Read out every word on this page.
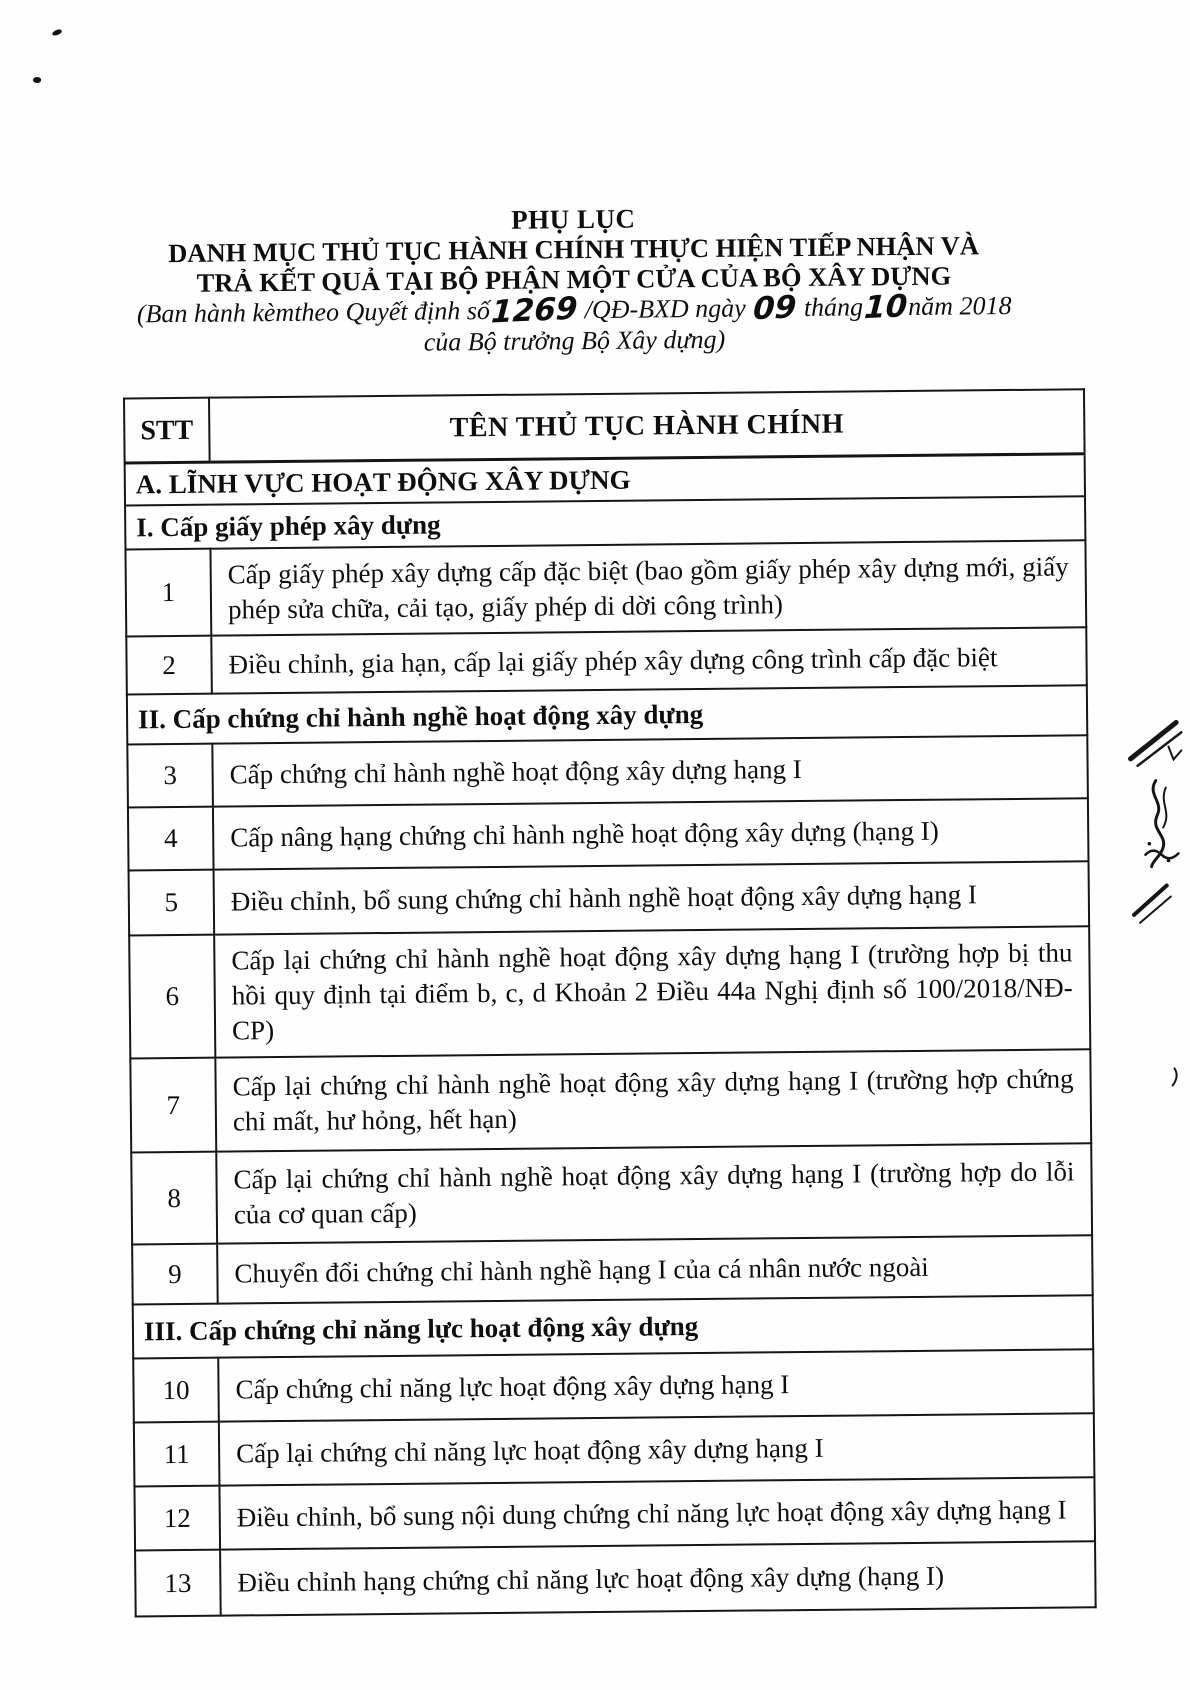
PHỤ LỤC
DANH MỤC THỦ TỤC HÀNH CHÍNH THỰC HIỆN TIẾP NHẬN VÀ
TRẢ KẾT QUẢ TẠI BỘ PHẬN MỘT CỬA CỦA BỘ XÂY DỰNG
(Ban hành kèmtheo Quyết định số1269 /QĐ-BXD ngày 09 tháng10năm 2018
của Bộ trưởng Bộ Xây dựng)
STT	TÊN THỦ TỤC HÀNH CHÍNH
A. LĨNH VỰC HOẠT ĐỘNG XÂY DỰNG	
I. Cấp giấy phép xây dựng	
1	Cấp giấy phép xây dựng cấp đặc biệt (bao gồm giấy phép xây dựng mới, giấy phép sửa chữa, cải tạo, giấy phép di dời công trình)
2	Điều chỉnh, gia hạn, cấp lại giấy phép xây dựng công trình cấp đặc biệt
II. Cấp chứng chỉ hành nghề hoạt động xây dựng	
3	Cấp chứng chỉ hành nghề hoạt động xây dựng hạng I
4	Cấp nâng hạng chứng chỉ hành nghề hoạt động xây dựng (hạng I)
5	Điều chỉnh, bổ sung chứng chỉ hành nghề hoạt động xây dựng hạng I
6	Cấp lại chứng chỉ hành nghề hoạt động xây dựng hạng I (trường hợp bị thu hồi quy định tại điểm b, c, d Khoản 2 Điều 44a Nghị định số 100/2018/NĐ-CP)
7	Cấp lại chứng chỉ hành nghề hoạt động xây dựng hạng I (trường hợp chứng chỉ mất, hư hỏng, hết hạn)
8	Cấp lại chứng chỉ hành nghề hoạt động xây dựng hạng I (trường hợp do lỗi của cơ quan cấp)
9	Chuyển đổi chứng chỉ hành nghề hạng I của cá nhân nước ngoài
III. Cấp chứng chỉ năng lực hoạt động xây dựng	
10	Cấp chứng chỉ năng lực hoạt động xây dựng hạng I
11	Cấp lại chứng chỉ năng lực hoạt động xây dựng hạng I
12	Điều chỉnh, bổ sung nội dung chứng chỉ năng lực hoạt động xây dựng hạng I
13	Điều chỉnh hạng chứng chỉ năng lực hoạt động xây dựng (hạng I)
